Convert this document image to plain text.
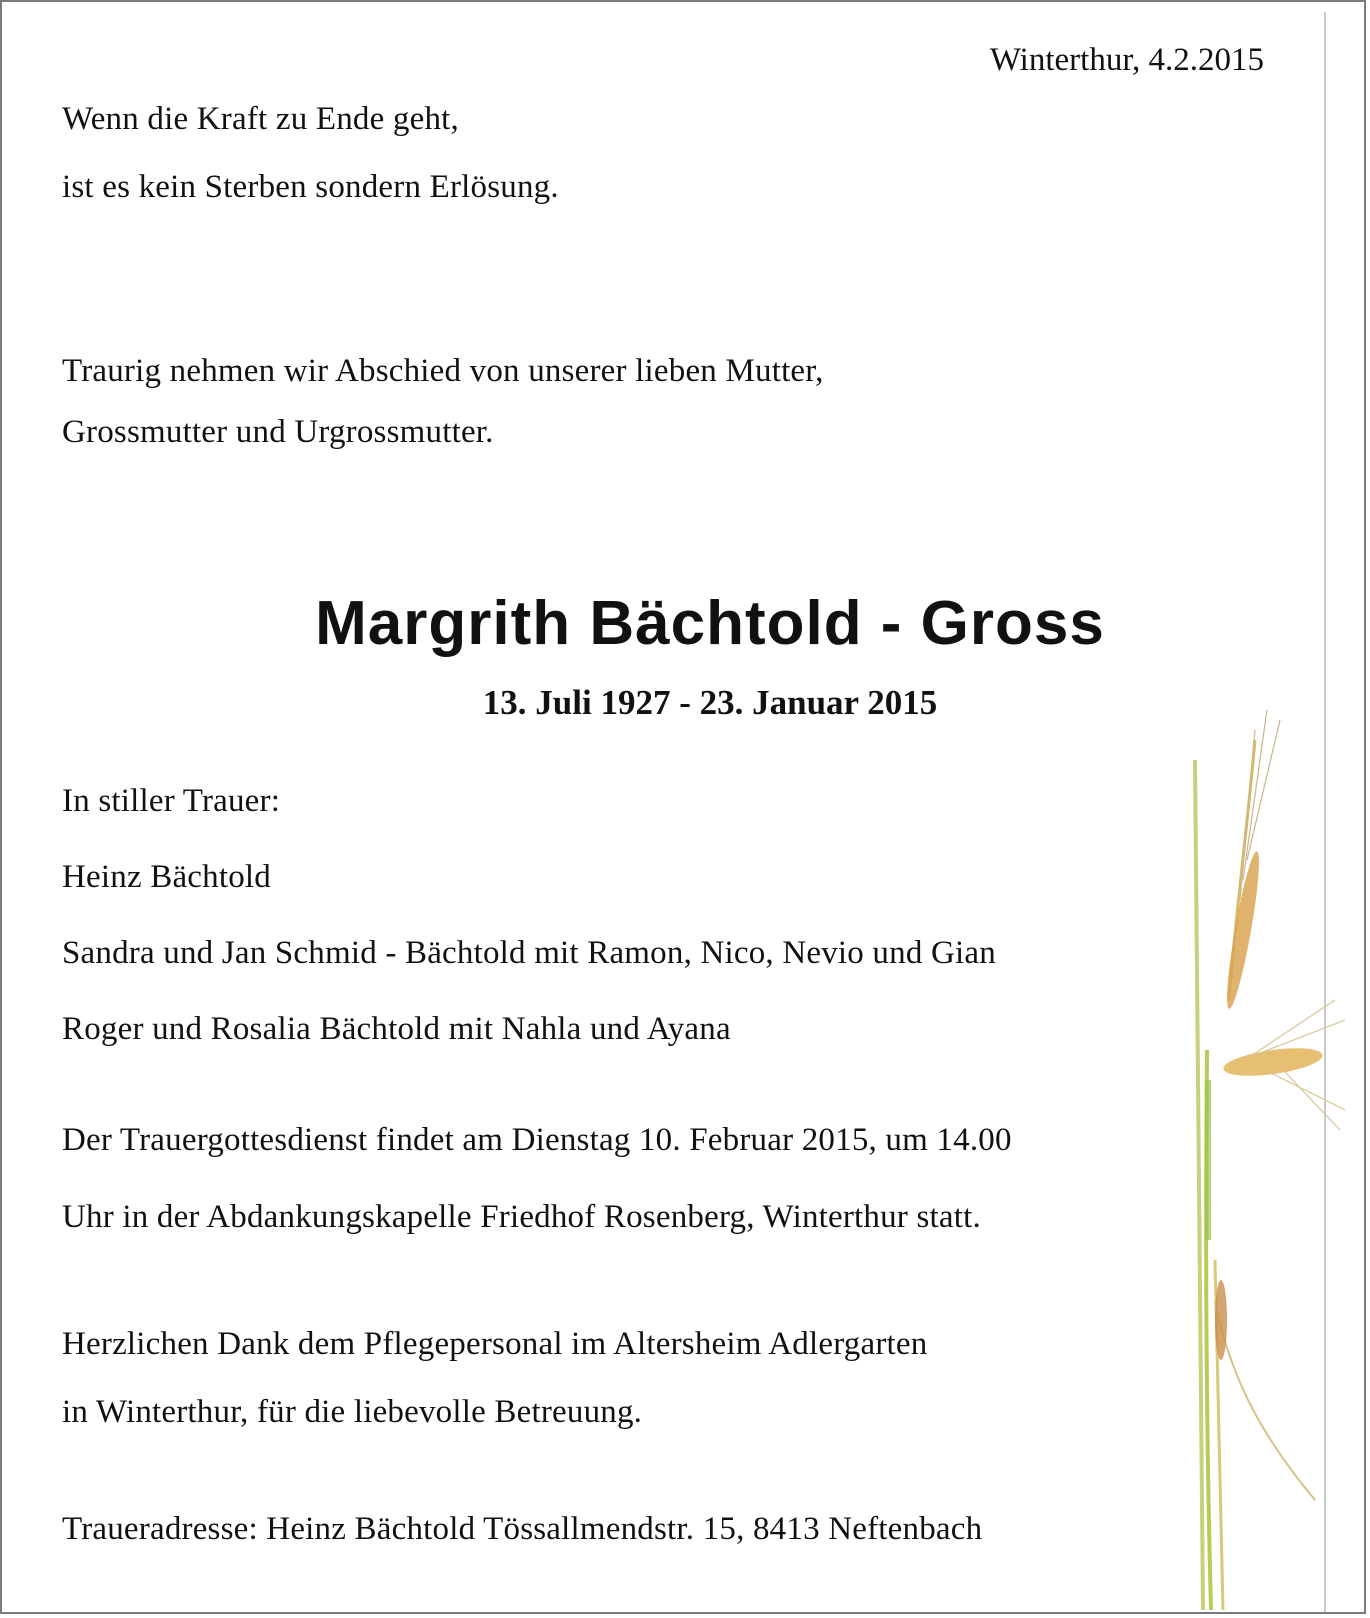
Winterthur, 4.2.2015
Wenn die Kraft zu Ende geht,
ist es kein Sterben sondern Erlösung.
Traurig nehmen wir Abschied von unserer lieben Mutter,
Grossmutter und Urgrossmutter.
Margrith Bächtold - Gross
13. Juli 1927 - 23. Januar 2015
In stiller Trauer:
Heinz Bächtold
Sandra und Jan Schmid - Bächtold mit Ramon, Nico, Nevio und Gian
Roger und Rosalia Bächtold mit Nahla und Ayana
Der Trauergottesdienst findet am Dienstag 10. Februar 2015, um 14.00
Uhr in der Abdankungskapelle Friedhof Rosenberg, Winterthur statt.
Herzlichen Dank dem Pflegepersonal im Altersheim Adlergarten
in Winterthur, für die liebevolle Betreuung.
Traueradresse: Heinz Bächtold Tössallmendstr. 15, 8413 Neftenbach
